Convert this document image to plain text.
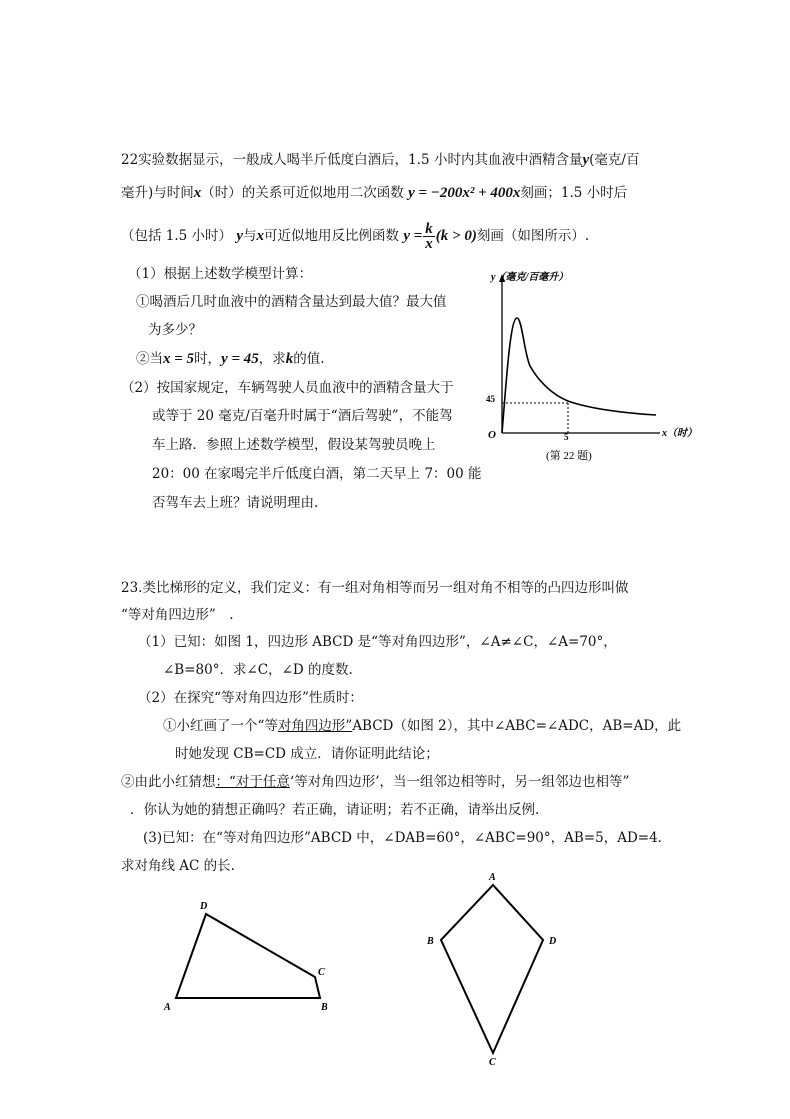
22实验数据显示，一般成人喝半斤低度白酒后，1.5 小时内其血液中酒精含量y(毫克/百
毫升)与时间x（时）的关系可近似地用二次函数 y = −200x² + 400x刻画；1.5 小时后
（包括 1.5 小时） y与x可近似地用反比例函数 $y = \frac{k}{x} (k > 0)$刻画（如图所示）.
（1）根据上述数学模型计算：
①喝酒后几时血液中的酒精含量达到最大值？最大值
为多少？
②当x = 5时，y = 45，求k的值.
（2）按国家规定，车辆驾驶人员血液中的酒精含量大于
或等于 20 毫克/百毫升时属于“酒后驾驶”，不能驾
车上路．参照上述数学模型，假设某驾驶员晚上
20：00 在家喝完半斤低度白酒，第二天早上 7：00 能
否驾车去上班？请说明理由.
y（毫克/百毫升）
x（时）
O
45
5
(第 22 题)
23.类比梯形的定义，我们定义：有一组对角相等而另一组对角不相等的凸四边形叫做
“等对角四边形”　.
（1）已知：如图 1，四边形 ABCD 是“等对角四边形”，∠A≠∠C，∠A=70°，
∠B=80°．求∠C，∠D 的度数.
（2）在探究“等对角四边形”性质时：
①小红画了一个“等对角四边形”ABCD（如图 2），其中∠ABC=∠ADC，AB=AD，此
时她发现 CB=CD 成立．请你证明此结论；
②由此小红猜想：“对于任意‘等对角四边形’，当一组邻边相等时，另一组邻边也相等”
．你认为她的猜想正确吗？若正确，请证明；若不正确，请举出反例.
(3)已知：在“等对角四边形”ABCD 中，∠DAB=60°，∠ABC=90°，AB=5，AD=4．
求对角线 AC 的长.
A
D
C
B
A
B	D
C
